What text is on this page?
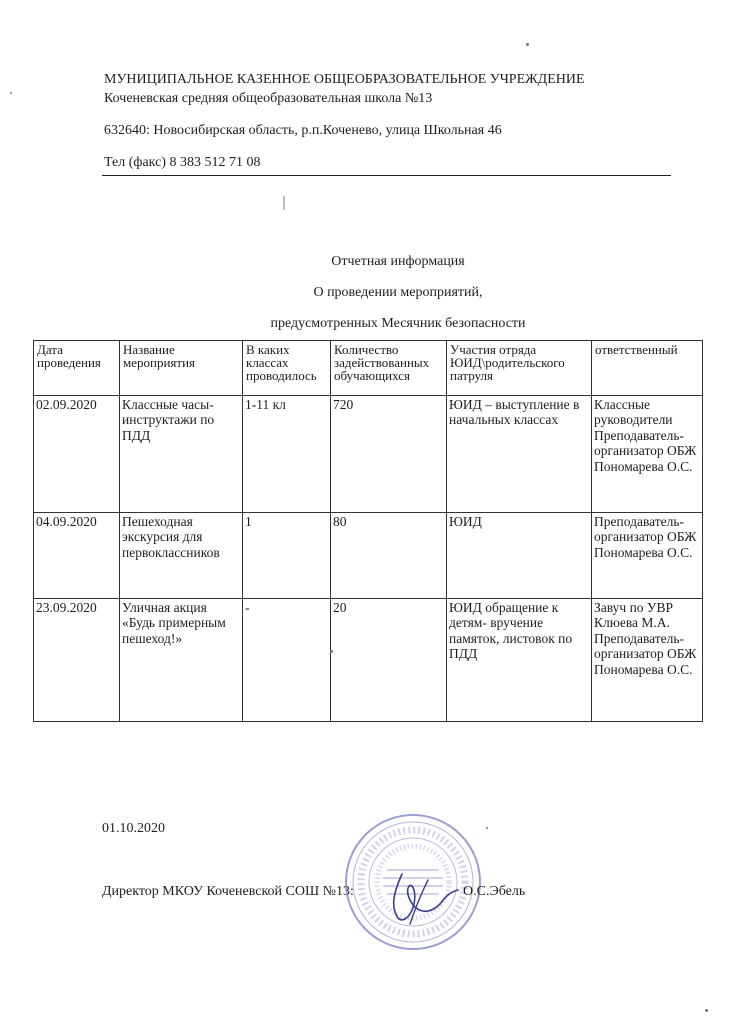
МУНИЦИПАЛЬНОЕ КАЗЕННОЕ ОБЩЕОБРАЗОВАТЕЛЬНОЕ УЧРЕЖДЕНИЕ
Коченевская средняя общеобразовательная школа №13
632640: Новосибирская область, р.п.Коченево, улица Школьная 46
Тел (факс) 8 383 512 71 08
Отчетная информация
О проведении мероприятий,
предусмотренных Месячник безопасности
Дата проведения	Название мероприятия	В каких классах проводилось	Количество задействованных обучающихся	Участия отряда ЮИД\родительского патруля	ответственный
02.09.2020	Классные часы- инструктажи по ПДД	1-11 кл	720	ЮИД – выступление в начальных классах	Классные руководители Преподаватель-организатор ОБЖ Пономарева О.С.
04.09.2020	Пешеходная экскурсия для первоклассников	1	80	ЮИД	Преподаватель-организатор ОБЖ Пономарева О.С.
23.09.2020	Уличная акция «Будь примерным пешеход!»	-	20	ЮИД обращение к детям- вручение памяток, листовок по ПДД	Завуч по УВР Клюева М.А. Преподаватель-организатор ОБЖ Пономарева О.С.
01.10.2020
Директор МКОУ Коченевской СОШ №13:	О.С.Эбель
